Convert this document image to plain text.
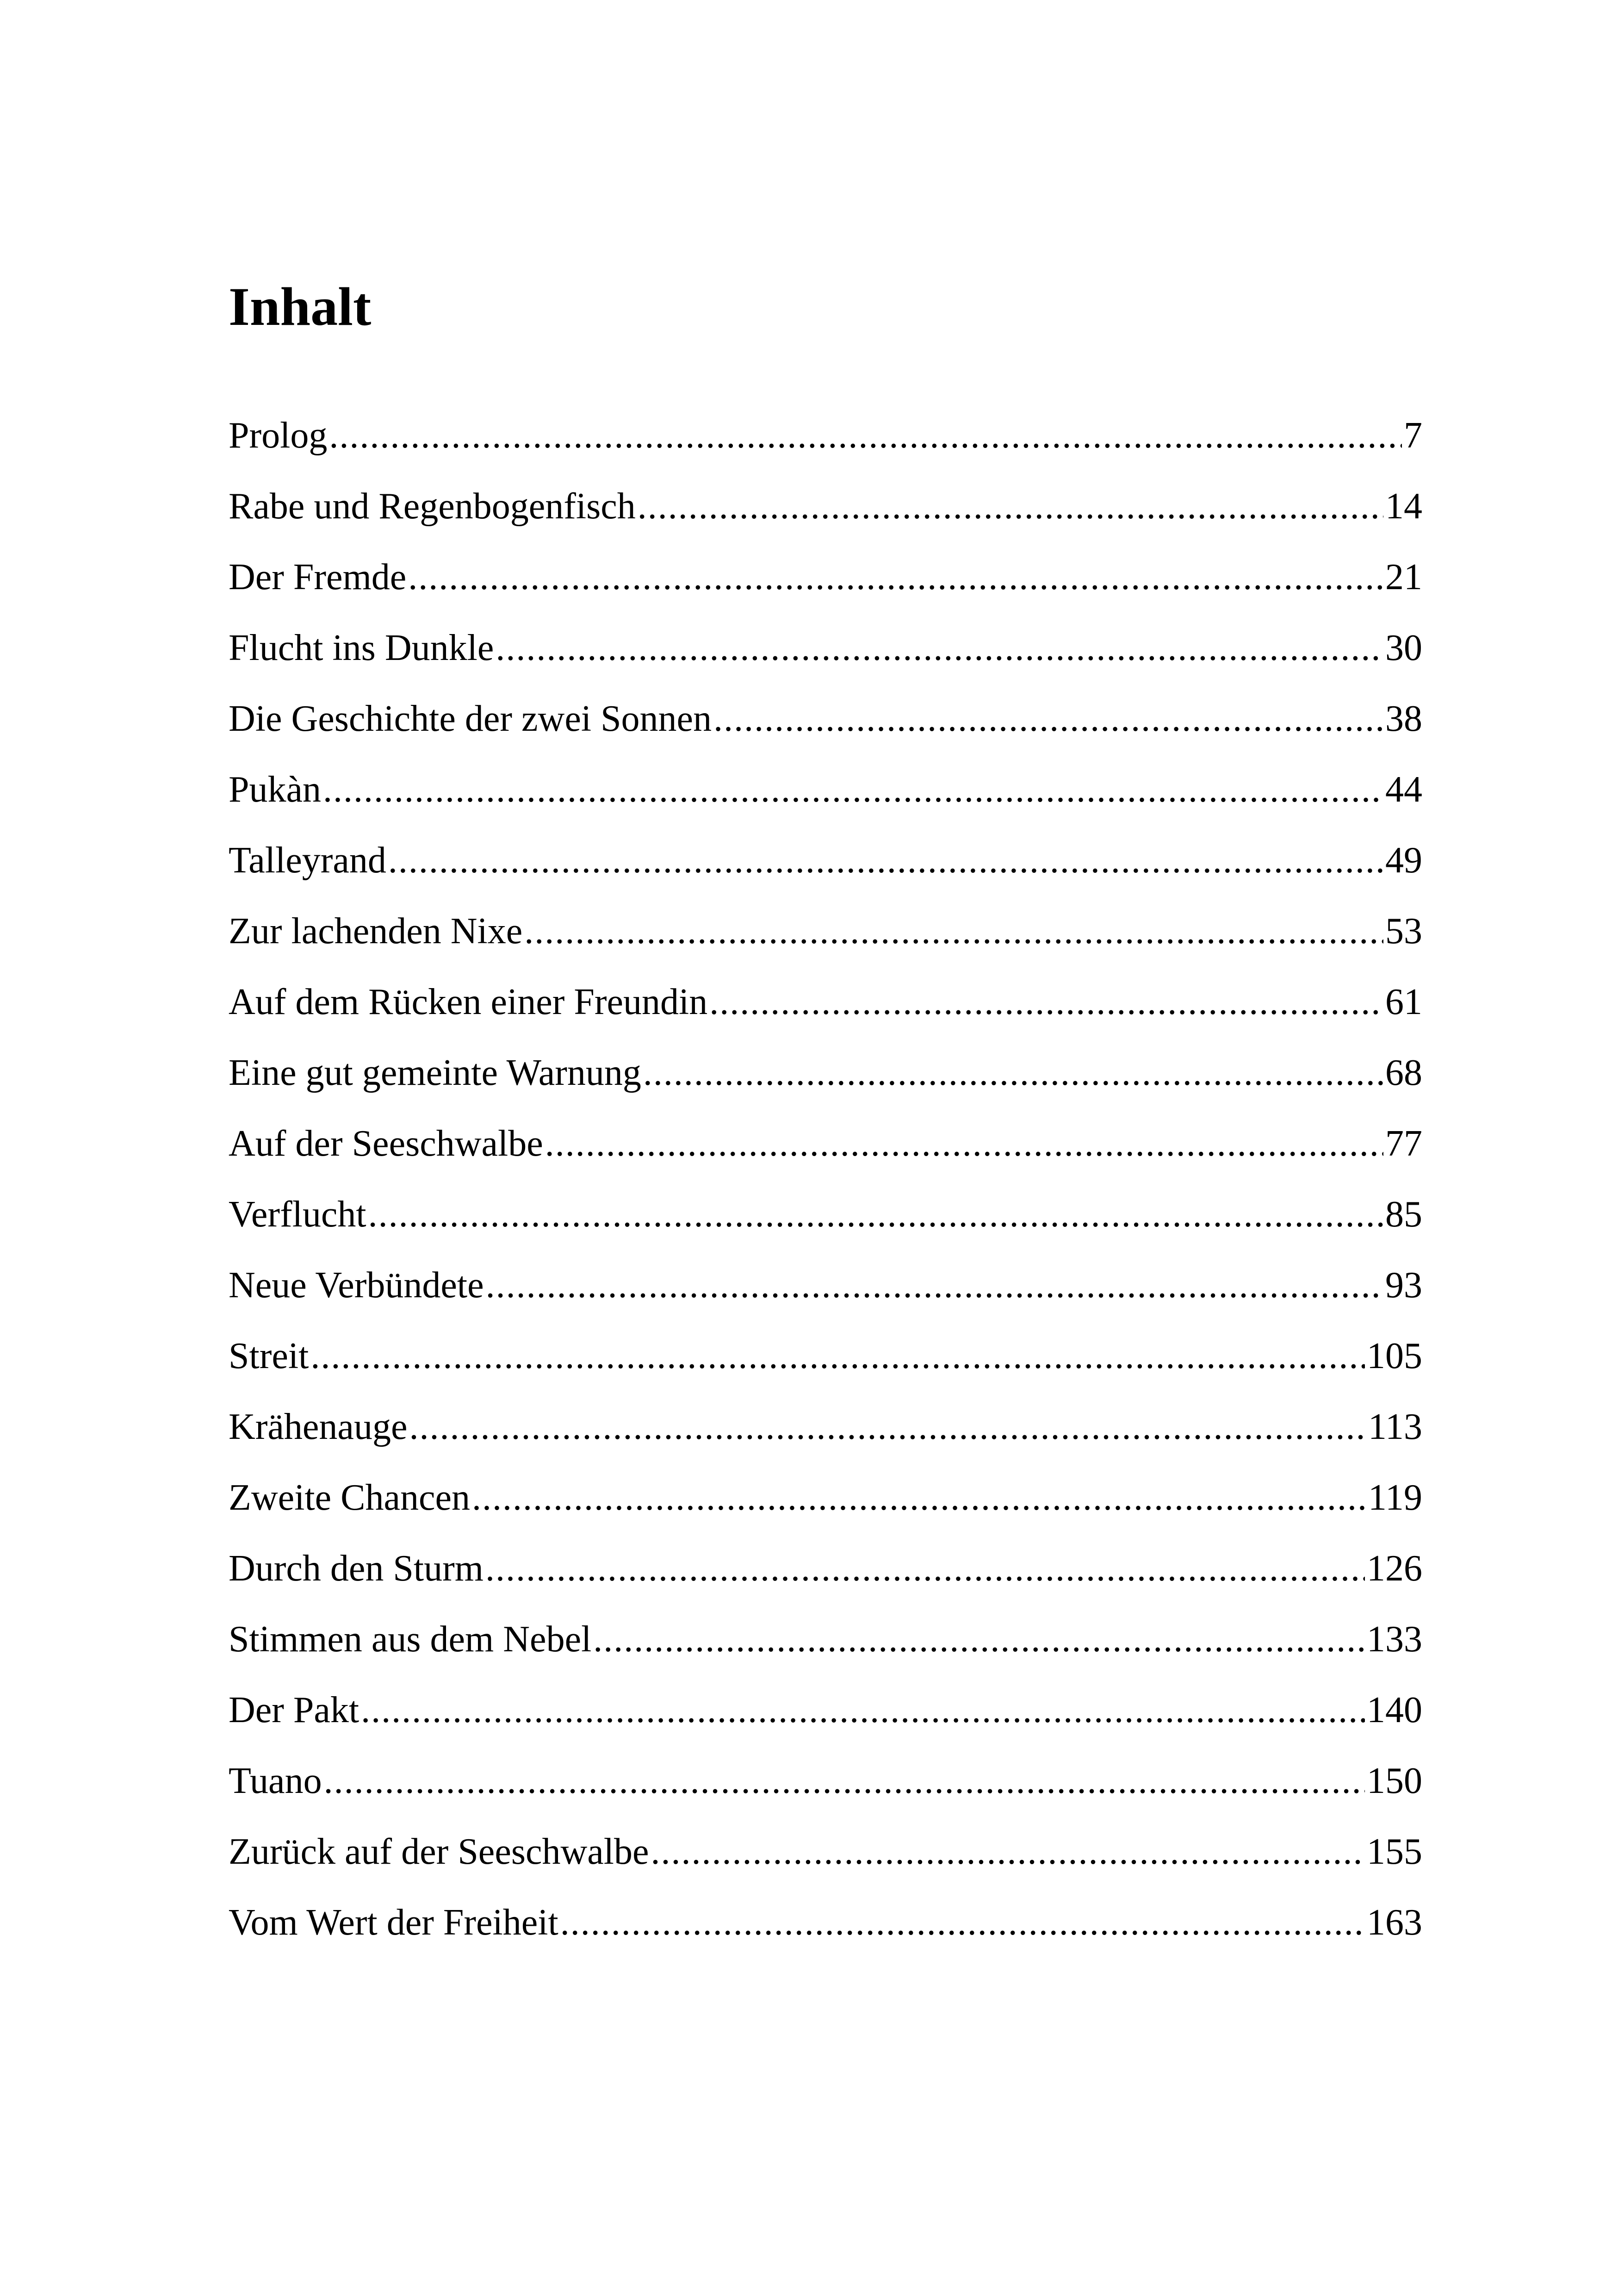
Inhalt
Prolog .....	7
Rabe und Regenbogenfisch .....	14
Der Fremde .....	21
Flucht ins Dunkle .....	30
Die Geschichte der zwei Sonnen .....	38
Pukàn .....	44
Talleyrand .....	49
Zur lachenden Nixe .....	53
Auf dem Rücken einer Freundin .....	61
Eine gut gemeinte Warnung .....	68
Auf der Seeschwalbe .....	77
Verflucht .....	85
Neue Verbündete .....	93
Streit .....	105
Krähenauge .....	113
Zweite Chancen .....	119
Durch den Sturm .....	126
Stimmen aus dem Nebel .....	133
Der Pakt .....	140
Tuano .....	150
Zurück auf der Seeschwalbe .....	155
Vom Wert der Freiheit .....	163
